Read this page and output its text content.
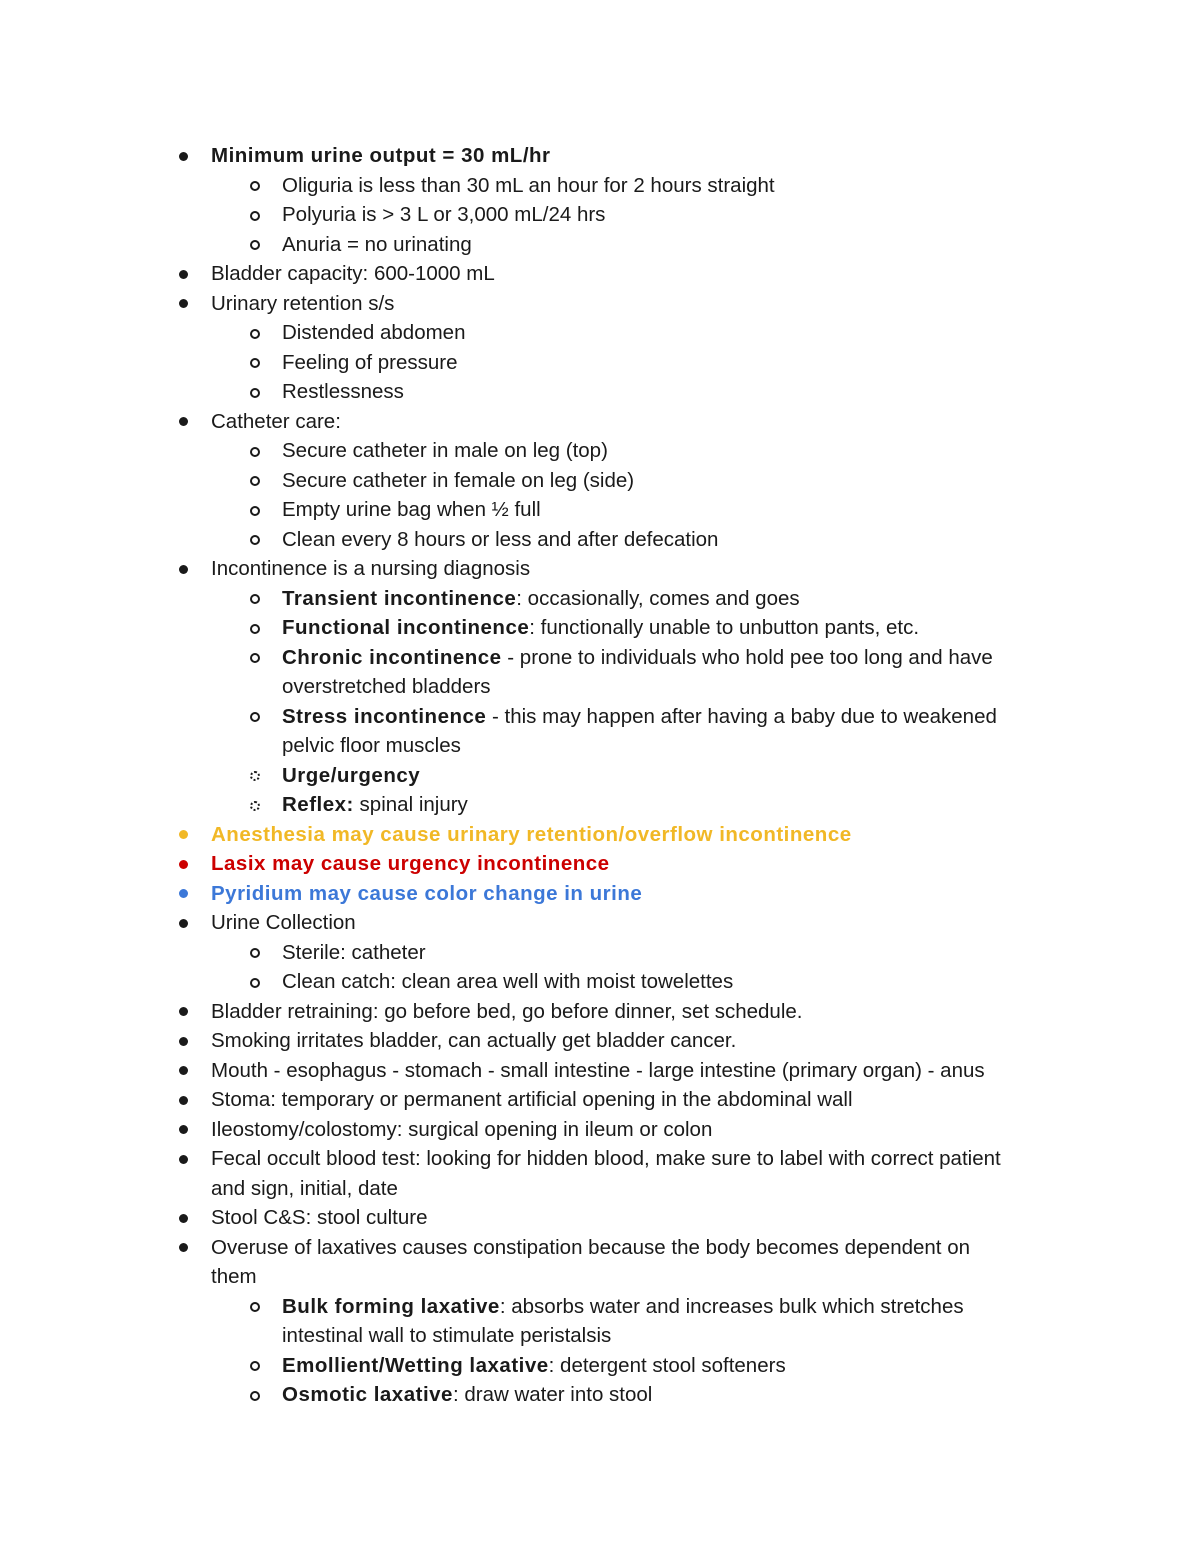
Minimum urine output = 30 mL/hr
Oliguria is less than 30 mL an hour for 2 hours straight
Polyuria is > 3 L or 3,000 mL/24 hrs
Anuria = no urinating
Bladder capacity: 600-1000 mL
Urinary retention s/s
Distended abdomen
Feeling of pressure
Restlessness
Catheter care:
Secure catheter in male on leg (top)
Secure catheter in female on leg (side)
Empty urine bag when ½ full
Clean every 8 hours or less and after defecation
Incontinence is a nursing diagnosis
Transient incontinence: occasionally, comes and goes
Functional incontinence: functionally unable to unbutton pants, etc.
Chronic incontinence - prone to individuals who hold pee too long and have
overstretched bladders
Stress incontinence - this may happen after having a baby due to weakened
pelvic floor muscles
Urge/urgency
Reflex: spinal injury
Anesthesia may cause urinary retention/overflow incontinence
Lasix may cause urgency incontinence
Pyridium may cause color change in urine
Urine Collection
Sterile: catheter
Clean catch: clean area well with moist towelettes
Bladder retraining: go before bed, go before dinner, set schedule.
Smoking irritates bladder, can actually get bladder cancer.
Mouth - esophagus - stomach - small intestine - large intestine (primary organ) - anus
Stoma: temporary or permanent artificial opening in the abdominal wall
Ileostomy/colostomy: surgical opening in ileum or colon
Fecal occult blood test: looking for hidden blood, make sure to label with correct patient
and sign, initial, date
Stool C&S: stool culture
Overuse of laxatives causes constipation because the body becomes dependent on
them
Bulk forming laxative: absorbs water and increases bulk which stretches
intestinal wall to stimulate peristalsis
Emollient/Wetting laxative: detergent stool softeners
Osmotic laxative: draw water into stool
